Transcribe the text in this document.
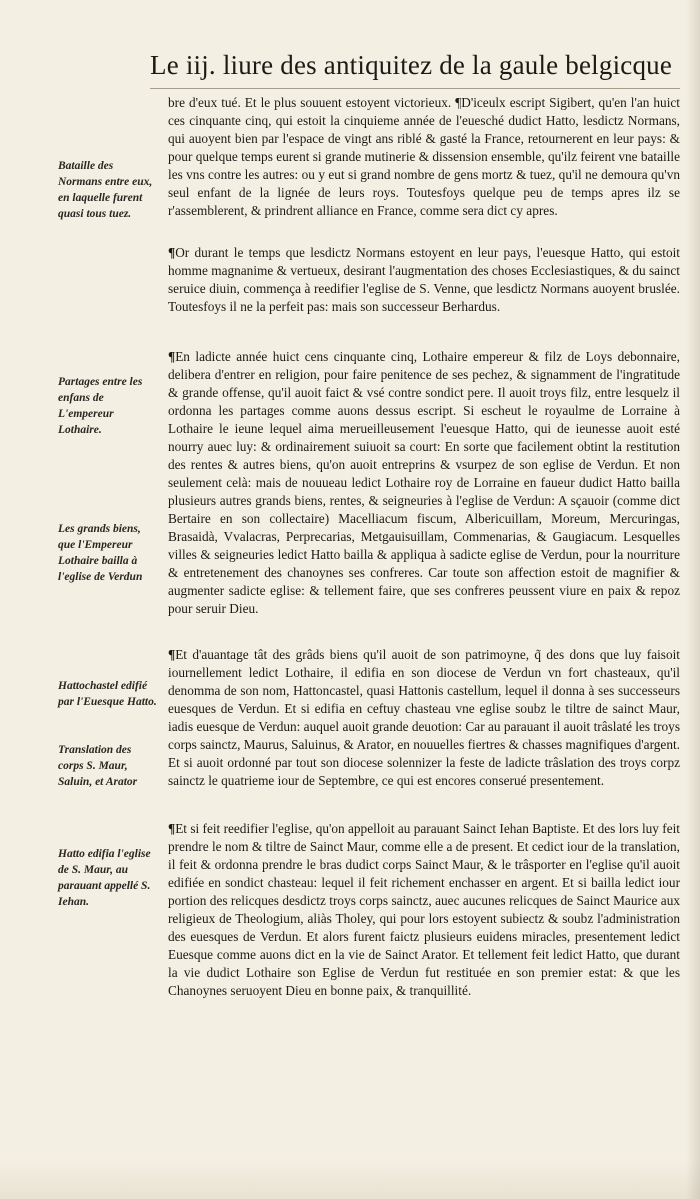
Le iij. liure des antiquitez de la gaule belgicque
bre d'eux tué. Et le plus souuent estoyent victorieux. ¶D'iceulx escript Sigibert, qu'en l'an huict ces cinquante cinq, qui estoit la cinquieme année de l'euesché dudict Hatto, lesdictz Normans, qui auoyent bien par l'espace de vingt ans riblé & gasté la France, retournerent en leur pays: & pour quelque temps eurent si grande mutinerie & dissension ensemble, qu'ilz feirent vne bataille les vns contre les autres: ou y eut si grand nombre de gens mortz & tuez, qu'il ne demoura qu'vn seul enfant de la lignée de leurs roys. Toutesfoys quelque peu de temps apres ilz se r'assemblerent, & prindrent alliance en France, comme sera dict cy apres.
¶Or durant le temps que lesdictz Normans estoyent en leur pays, l'euesque Hatto, qui estoit homme magnanime & vertueux, desirant l'augmentation des choses Ecclesiastiques, & du sainct seruice diuin, commença à reedifier l'eglise de S. Venne, que lesdictz Normans auoyent bruslée. Toutesfoys il ne la perfeit pas: mais son successeur Berhardus.
¶En ladicte année huict cens cinquante cinq, Lothaire empereur & filz de Loys debonnaire, delibera d'entrer en religion, pour faire penitence de ses pechez, & signamment de l'ingratitude & grande offense, qu'il auoit faict & vsé contre sondict pere. Il auoit troys filz, entre lesquelz il ordonna les partages comme auons dessus escript. Si escheut le royaulme de Lorraine à Lothaire le ieune lequel aima merueilleusement l'euesque Hatto, qui de ieunesse auoit esté nourry auec luy: & ordinairement suiuoit sa court: En sorte que facilement obtint la restitution des rentes & autres biens, qu'on auoit entreprins & vsurpez de son eglise de Verdun. Et non seulement celà: mais de nouueau ledict Lothaire roy de Lorraine en faueur dudict Hatto bailla plusieurs autres grands biens, rentes, & seigneuries à l'eglise de Verdun: A sçauoir (comme dict Bertaire en son collectaire) Macelliacum fiscum, Albericuillam, Moreum, Mercuringas, Brasaidà, Vvalacras, Perprecarias, Metgauisuillam, Commenarias, & Gaugiacum. Lesquelles villes & seigneuries ledict Hatto bailla & appliqua à sadicte eglise de Verdun, pour la nourriture & entretenement des chanoynes ses confreres. Car toute son affection estoit de magnifier & augmenter sadicte eglise: & tellement faire, que ses confreres peussent viure en paix & repoz pour seruir Dieu.
¶Et d'auantage tât des grâds biens qu'il auoit de son patrimoyne, q̃ des dons que luy faisoit iournellement ledict Lothaire, il edifia en son diocese de Verdun vn fort chasteaux, qu'il denomma de son nom, Hattoncastel, quasi Hattonis castellum, lequel il donna à ses successeurs euesques de Verdun. Et si edifia en ceftuy chasteau vne eglise soubz le tiltre de sainct Maur, iadis euesque de Verdun: auquel auoit grande deuotion: Car au parauant il auoit trâslaté les troys corps sainctz, Maurus, Saluinus, & Arator, en nouuelles fiertres & chasses magnifiques d'argent. Et si auoit ordonné par tout son diocese solennizer la feste de ladicte trâslation des troys corpz sainctz le quatrieme iour de Septembre, ce qui est encores conserué presentement.
¶Et si feit reedifier l'eglise, qu'on appelloit au parauant Sainct Iehan Baptiste. Et des lors luy feit prendre le nom & tiltre de Sainct Maur, comme elle a de present. Et cedict iour de la translation, il feit & ordonna prendre le bras dudict corps Sainct Maur, & le trâsporter en l'eglise qu'il auoit edifiée en sondict chasteau: lequel il feit richement enchasser en argent. Et si bailla ledict iour portion des relicques desdictz troys corps sainctz, auec aucunes relicques de Sainct Maurice aux religieux de Theologium, aliàs Tholey, qui pour lors estoyent subiectz & soubz l'administration des euesques de Verdun. Et alors furent faictz plusieurs euidens miracles, presentement ledict Euesque comme auons dict en la vie de Sainct Arator. Et tellement feit ledict Hatto, que durant la vie dudict Lothaire son Eglise de Verdun fut restituée en son premier estat: & que les Chanoynes seruoyent Dieu en bonne paix, & tranquillité.
Bataille des Normans entre eux, en laquelle furent quasi tous tuez.
Partages entre les enfans de L'empereur Lothaire.
Les grands biens, que l'Empereur Lothaire bailla à l'eglise de Verdun
Hattochastel edifié par l'Euesque Hatto.
Translation des corps S. Maur, Saluin, et Arator
Hatto edifia l'eglise de S. Maur, au parauant appellé S. Iehan.
